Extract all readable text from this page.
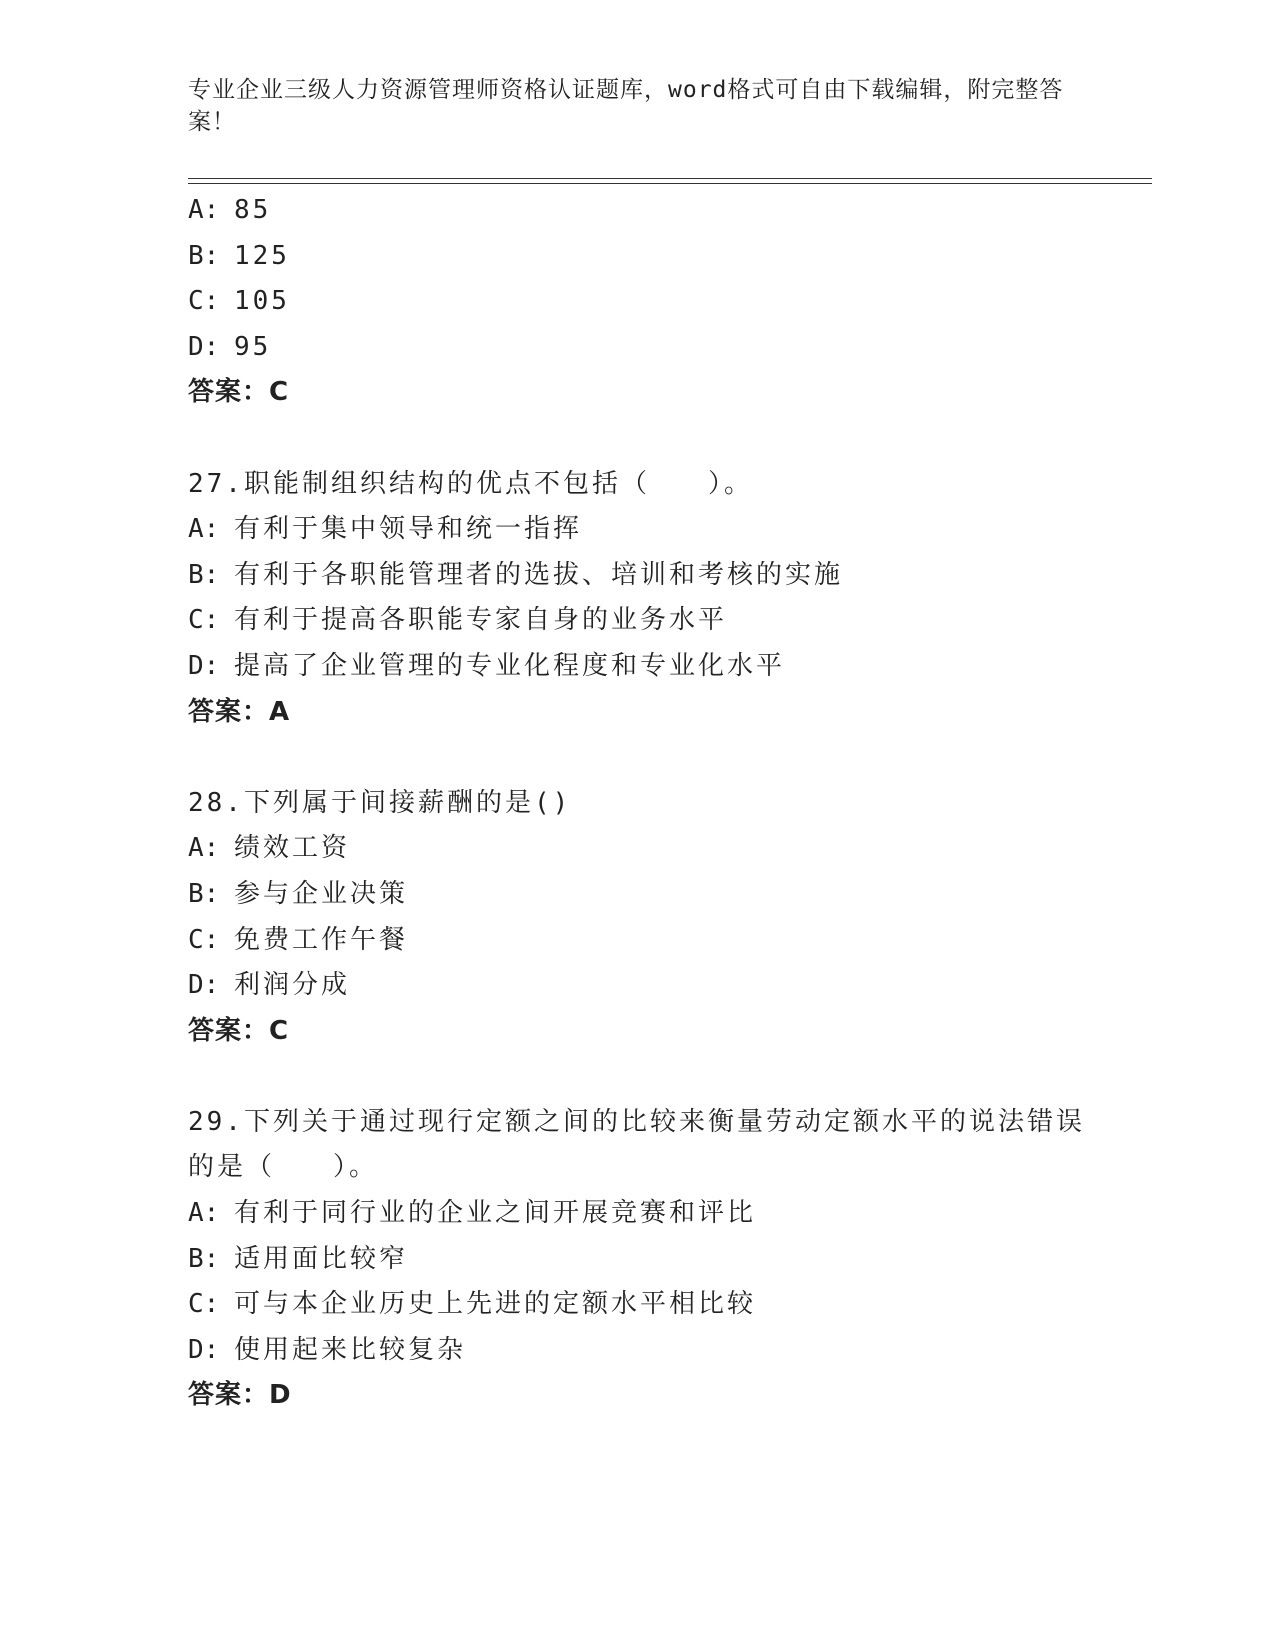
专业企业三级人力资源管理师资格认证题库，word格式可自由下载编辑，附完整答案！
A: 85
B: 125
C: 105
D: 95
答案：C
27.职能制组织结构的优点不包括（　　）。
A: 有利于集中领导和统一指挥
B: 有利于各职能管理者的选拔、培训和考核的实施
C: 有利于提高各职能专家自身的业务水平
D: 提高了企业管理的专业化程度和专业化水平
答案：A
28.下列属于间接薪酬的是()
A: 绩效工资
B: 参与企业决策
C: 免费工作午餐
D: 利润分成
答案：C
29.下列关于通过现行定额之间的比较来衡量劳动定额水平的说法错误的是（　　）。
A: 有利于同行业的企业之间开展竞赛和评比
B: 适用面比较窄
C: 可与本企业历史上先进的定额水平相比较
D: 使用起来比较复杂
答案：D
